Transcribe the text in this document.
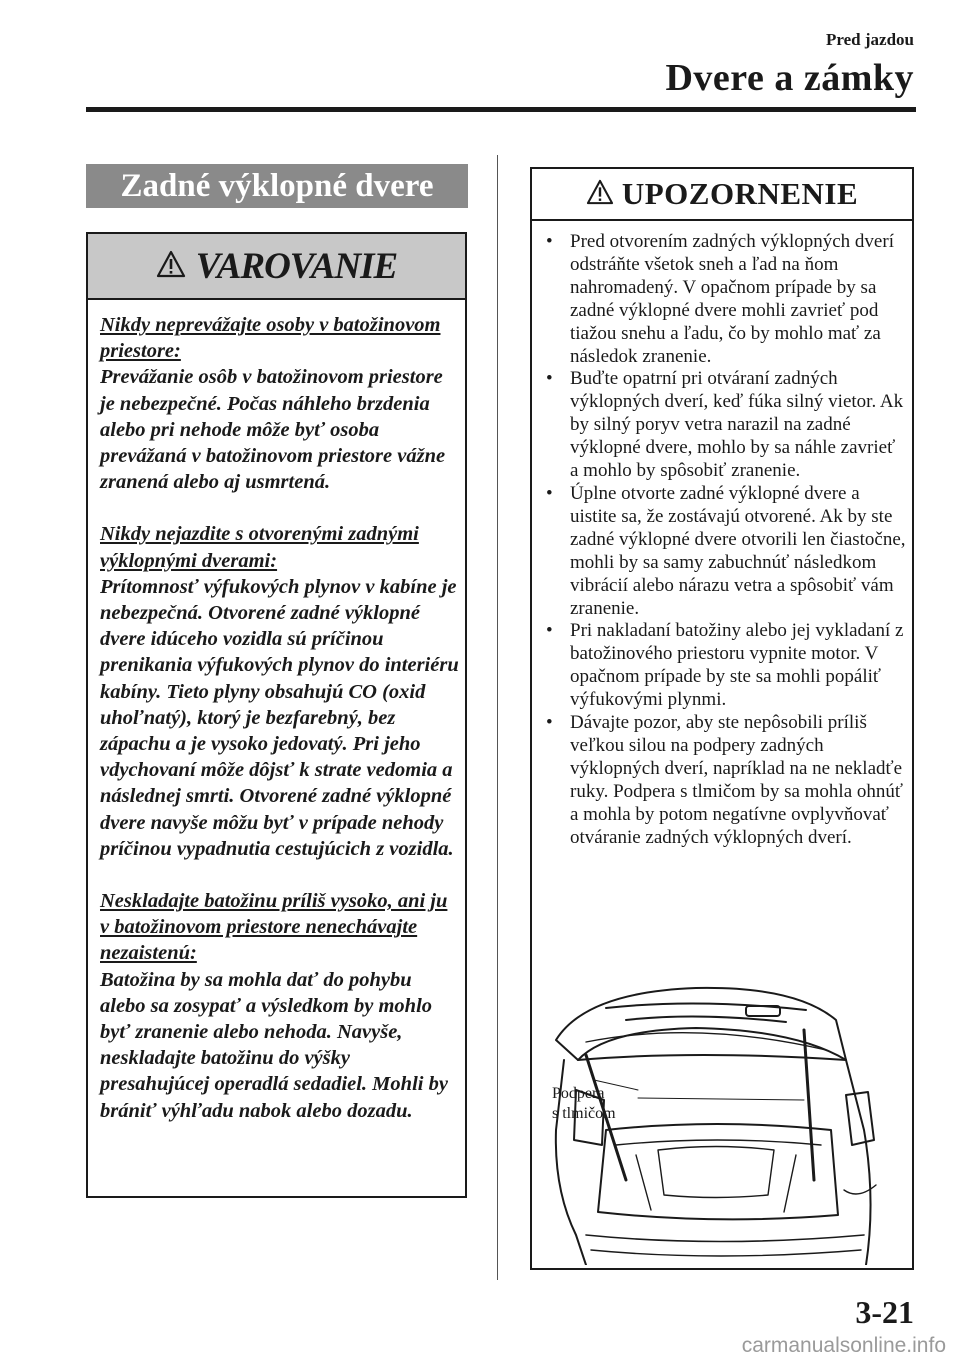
Pred jazdou
Dvere a zámky
Zadné výklopné dvere
VAROVANIE

Nikdy neprevážajte osoby v batožinovom priestore:
Prevážanie osôb v batožinovom priestore je nebezpečné. Počas náhleho brzdenia alebo pri nehode môže byť osoba prevážaná v batožinovom priestore vážne zranená alebo aj usmrtená.

Nikdy nejazdite s otvorenými zadnými výklopnými dverami:
Prítomnosť výfukových plynov v kabíne je nebezpečná. Otvorené zadné výklopné dvere idúceho vozidla sú príčinou prenikania výfukových plynov do interiéru kabíny. Tieto plyny obsahujú CO (oxid uhoľnatý), ktorý je bezfarebný, bez zápachu a je vysoko jedovatý. Pri jeho vdychovaní môže dôjsť k strate vedomia a následnej smrti. Otvorené zadné výklopné dvere navyše môžu byť v prípade nehody príčinou vypadnutia cestujúcich z vozidla.

Neskladajte batožinu príliš vysoko, ani ju v batožinovom priestore nenechávajte nezaistenú:
Batožina by sa mohla dať do pohybu alebo sa zosypať a výsledkom by mohlo byť zranenie alebo nehoda. Navyše, neskladajte batožinu do výšky presahujúcej operadlá sedadiel. Mohli by brániť výhľadu nabok alebo dozadu.

UPOZORNENIE
• Pred otvorením zadných výklopných dverí odstráňte všetok sneh a ľad na ňom nahromadený. V opačnom prípade by sa zadné výklopné dvere mohli zavrieť pod tiažou snehu a ľadu, čo by mohlo mať za následok zranenie.
• Buďte opatrní pri otváraní zadných výklopných dverí, keď fúka silný vietor. Ak by silný poryv vetra narazil na zadné výklopné dvere, mohlo by sa náhle zavrieť a mohlo by spôsobiť zranenie.
• Úplne otvorte zadné výklopné dvere a uistite sa, že zostávajú otvorené. Ak by ste zadné výklopné dvere otvorili len čiastočne, mohli by sa samy zabuchnúť následkom vibrácií alebo nárazu vetra a spôsobiť vám zranenie.
• Pri nakladaní batožiny alebo jej vykladaní z batožinového priestoru vypnite motor. V opačnom prípade by ste sa mohli popáliť výfukovými plynmi.
• Dávajte pozor, aby ste nepôsobili príliš veľkou silou na podpery zadných výklopných dverí, napríklad na ne nekladťe ruky. Podpera s tlmičom by sa mohla ohnúť a mohla by potom negatívne ovplyvňovať otváranie zadných výklopných dverí.
Podpera
s tlmičom
3-21
carmanualsonline.info
